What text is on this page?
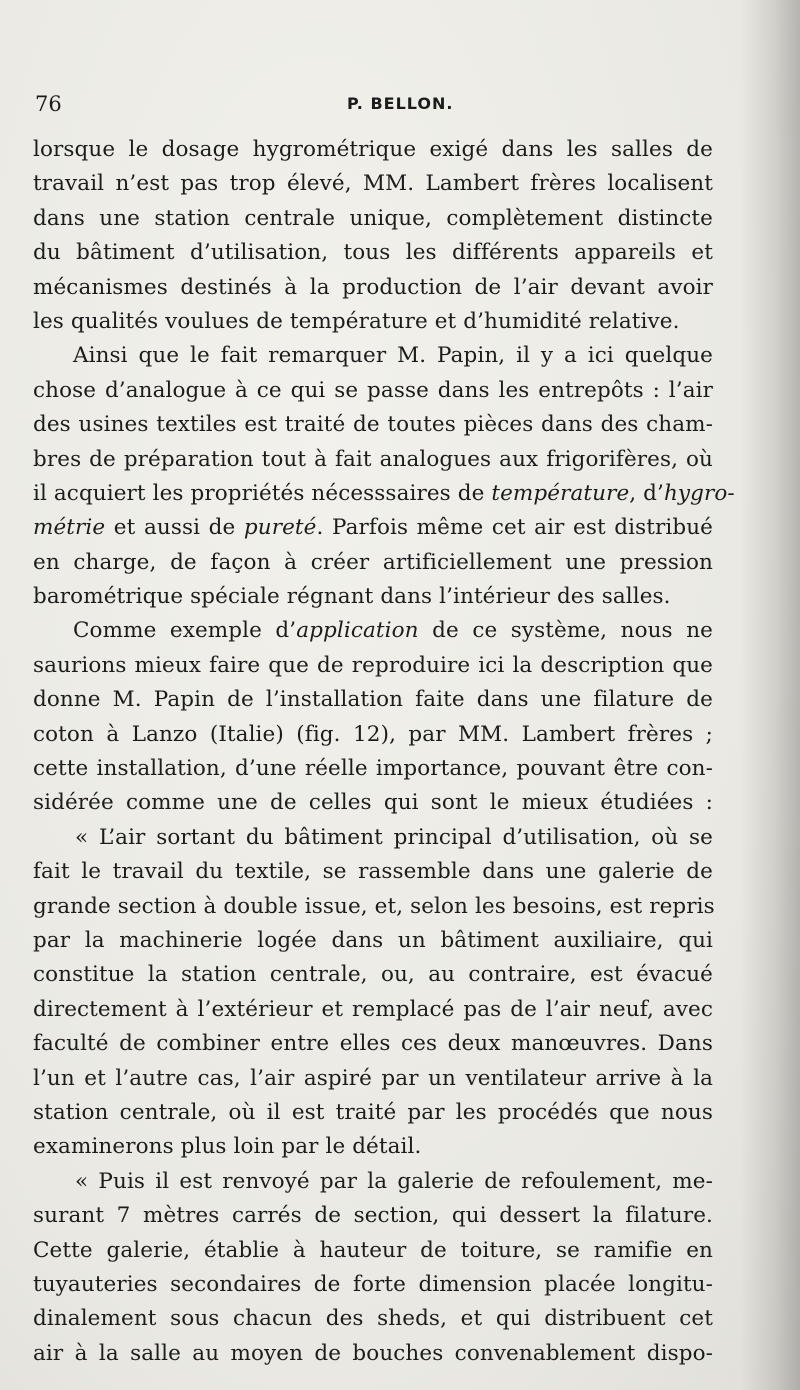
76	P. BELLON.
lorsque le dosage hygrométrique exigé dans les salles de
travail n’est pas trop élevé, MM. Lambert frères localisent
dans une station centrale unique, complètement distincte
du bâtiment d’utilisation, tous les différents appareils et
mécanismes destinés à la production de l’air devant avoir
les qualités voulues de température et d’humidité relative.
Ainsi que le fait remarquer M. Papin, il y a ici quelque
chose d’analogue à ce qui se passe dans les entrepôts : l’air
des usines textiles est traité de toutes pièces dans des cham-
bres de préparation tout à fait analogues aux frigorifères, où
il acquiert les propriétés nécesssaires de température, d’hygro-
métrie et aussi de pureté. Parfois même cet air est distribué
en charge, de façon à créer artificiellement une pression
barométrique spéciale régnant dans l’intérieur des salles.
Comme exemple d’application de ce système, nous ne
saurions mieux faire que de reproduire ici la description que
donne M. Papin de l’installation faite dans une filature de
coton à Lanzo (Italie) (fig. 12), par MM. Lambert frères ;
cette installation, d’une réelle importance, pouvant être con-
sidérée comme une de celles qui sont le mieux étudiées :
« L’air sortant du bâtiment principal d’utilisation, où se
fait le travail du textile, se rassemble dans une galerie de
grande section à double issue, et, selon les besoins, est repris
par la machinerie logée dans un bâtiment auxiliaire, qui
constitue la station centrale, ou, au contraire, est évacué
directement à l’extérieur et remplacé pas de l’air neuf, avec
faculté de combiner entre elles ces deux manœuvres. Dans
l’un et l’autre cas, l’air aspiré par un ventilateur arrive à la
station centrale, où il est traité par les procédés que nous
examinerons plus loin par le détail.
« Puis il est renvoyé par la galerie de refoulement, me-
surant 7 mètres carrés de section, qui dessert la filature.
Cette galerie, établie à hauteur de toiture, se ramifie en
tuyauteries secondaires de forte dimension placée longitu-
dinalement sous chacun des sheds, et qui distribuent cet
air à la salle au moyen de bouches convenablement dispo-
